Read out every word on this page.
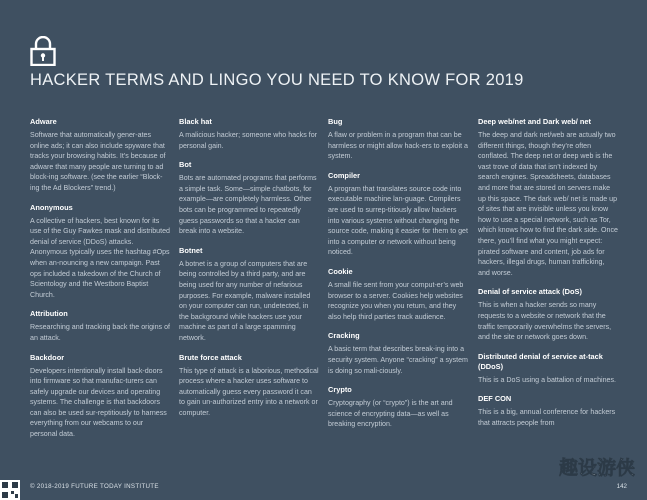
HACKER TERMS AND LINGO YOU NEED TO KNOW FOR 2019
Adware

Software that automatically gener-ates online ads; it can also include spyware that tracks your browsing habits. It’s because of adware that many people are turning to ad block-ing software. (see the earlier “Block-ing the Ad Blockers” trend.)

Anonymous

A collective of hackers, best known for its use of the Guy Fawkes mask and distributed denial of service (DDoS) attacks. Anonymous typically uses the hashtag #Ops when an-nouncing a new campaign. Past ops included a takedown of the Church of Scientology and the Westboro Baptist Church.

Attribution

Researching and tracking back the origins of an attack.

Backdoor

Developers intentionally install back-doors into firmware so that manufac-turers can safely upgrade our devices and operating systems. The challenge is that backdoors can also be used sur-reptitiously to harness everything from our webcams to our personal data.

Black hat

A malicious hacker; someone who hacks for personal gain.

Bot

Bots are automated programs that performs a simple task. Some—simple chatbots, for example—are completely harmless. Other bots can be programmed to repeatedly guess passwords so that a hacker can break into a website.

Botnet

A botnet is a group of computers that are being controlled by a third party, and are being used for any number of nefarious purposes. For example, malware installed on your computer can run, undetected, in the background while hackers use your machine as part of a large spamming network.

Brute force attack

This type of attack is a laborious, methodical process where a hacker uses software to automatically guess every password it can to gain un-authorized entry into a network or computer.

Bug

A flaw or problem in a program that can be harmless or might allow hack-ers to exploit a system.

Compiler

A program that translates source code into executable machine lan-guage. Compilers are used to surrep-titiously allow hackers into various systems without changing the source code, making it easier for them to get into a computer or network without being noticed.

Cookie

A small file sent from your comput-er’s web browser to a server. Cookies help websites recognize you when you return, and they also help third parties track audience.

Cracking

A basic term that describes break-ing into a security system. Anyone “cracking” a system is doing so mali-ciously.

Crypto

Cryptography (or “crypto”) is the art and science of encrypting data—as well as breaking encryption.

Deep web/net and Dark web/ net

The deep and dark net/web are actually two different things, though they’re often conflated. The deep net or deep web is the vast trove of data that isn’t indexed by search engines. Spreadsheets, databases and more that are stored on servers make up this space. The dark web/ net is made up of sites that are invisible unless you know how to use a special network, such as Tor, which knows how to find the dark side. Once there, you’ll find what you might expect: pirated software and content, job ads for hackers, illegal drugs, human trafficking, and worse.

Denial of service attack (DoS)

This is when a hacker sends so many requests to a website or network that the traffic temporarily overwhelms the servers, and the site or network goes down.

Distributed denial of service at-tack (DDoS)

This is a DoS using a battalion of machines.

DEF CON

This is a big, annual conference for hackers that attracts people from

趣设游侠
© 2018-2019 FUTURE TODAY INSTITUTE	142
